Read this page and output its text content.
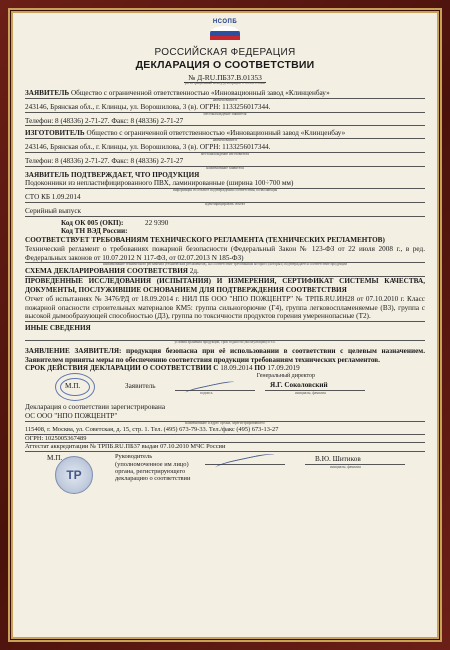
НСОПБ
РОССИЙСКАЯ ФЕДЕРАЦИЯ
ДЕКЛАРАЦИЯ О СООТВЕТСТВИИ
№ Д-RU.ПБ37.В.01353
регистрационный номер декларации о соответствии
ЗАЯВИТЕЛЬ Общество с ограниченной ответственностью «Инновационный завод «Клинценбау»
наименование и
243146, Брянская обл., г. Клинцы, ул. Ворошилова, 3 (в). ОГРН: 1133256017344.
местонахождение заявителя
Телефон: 8 (48336) 2-71-27. Факс: 8 (48336) 2-71-27
ИЗГОТОВИТЕЛЬ Общество с ограниченной ответственностью «Инновационный завод «Клинценбау»
наименование и
243146, Брянская обл., г. Клинцы, ул. Ворошилова, 3 (в). ОГРН: 1133256017344.
местонахождение изготовителя
Телефон: 8 (48336) 2-71-27. Факс: 8 (48336) 2-71-27
наименование заявителя
ЗАЯВИТЕЛЬ ПОДТВЕРЖДАЕТ, ЧТО ПРОДУКЦИЯ
Подоконники из непластифицированного ПВХ, ламинированные (ширина 100÷700 мм)
информация об объекте подтверждения соответствия, позволяющая
СТО КБ 1.09.2014
идентифицировать объект
Серийный выпуск
Код ОК 005 (ОКП):	22 9390
Код ТН ВЭД России:
СООТВЕТСТВУЕТ ТРЕБОВАНИЯМ ТЕХНИЧЕСКОГО РЕГЛАМЕНТА (ТЕХНИЧЕСКИХ РЕГЛАМЕНТОВ)
Технический регламент о требованиях пожарной безопасности (Федеральный Закон № 123-ФЗ от 22 июля 2008 г., в ред. Федеральных законов от 10.07.2012 N 117-ФЗ, от 02.07.2013 N 185-ФЗ)
наименование технического регламента (технических регламентов), на соответствие требованиям которого (которых) подтверждается соответствие продукции
СХЕМА ДЕКЛАРИРОВАНИЯ СООТВЕТСТВИЯ 2д.
ПРОВЕДЕННЫЕ ИССЛЕДОВАНИЯ (ИСПЫТАНИЯ) И ИЗМЕРЕНИЯ, СЕРТИФИКАТ СИСТЕМЫ КАЧЕСТВА, ДОКУМЕНТЫ, ПОСЛУЖИВШИЕ ОСНОВАНИЕМ ДЛЯ ПОДТВЕРЖДЕНИЯ СООТВЕТСТВИЯ
Отчет об испытаниях № 3476/РД от 18.09.2014 г. НИЛ ПБ ООО "НПО ПОЖЦЕНТР" № ТРПБ.RU.ИН28 от 07.10.2010 г. Класс пожарной опасности строительных материалов КМ5: группа сильногорючие (Г4), группа легковоспламеняемые (В3), группа с высокой дымообразующей способностью (Д3), группа по токсичности продуктов горения умереннопасные (Т2).
ИНЫЕ СВЕДЕНИЯ
условия хранения продукции, срок годности (эксплуатации) и т.п.
ЗАЯВЛЕНИЕ ЗАЯВИТЕЛЯ: продукция безопасна при её использовании в соответствии с целевым назначением. Заявителем приняты меры по обеспечению соответствия продукции требованиям технических регламентов.
СРОК ДЕЙСТВИЯ ДЕКЛАРАЦИИ О СООТВЕТСТВИИ С 18.09.2014 ПО 17.09.2019
Генеральный директор
М.П.	Заявитель	Я.Г. Соколовский
подпись	инициалы, фамилия
Декларация о соответствии зарегистрирована
ОС ООО "НПО ПОЖЦЕНТР"
наименование и адрес органа, зарегистрировавшего
115408, г. Москва, ул. Советская, д. 15, стр. 1. Тел. (495) 673-79-33. Тел./факс (495) 673-13-27
ОГРН: 1025005367489
Аттестат аккредитации № ТРПБ.RU.ПБ37 выдан 07.10.2010 МЧС России
ТР
М.П.	Руководитель
(уполномоченное им лицо)
органа, регистрирующего
декларацию о соответствии
В.Ю. Шитиков
инициалы, фамилия
